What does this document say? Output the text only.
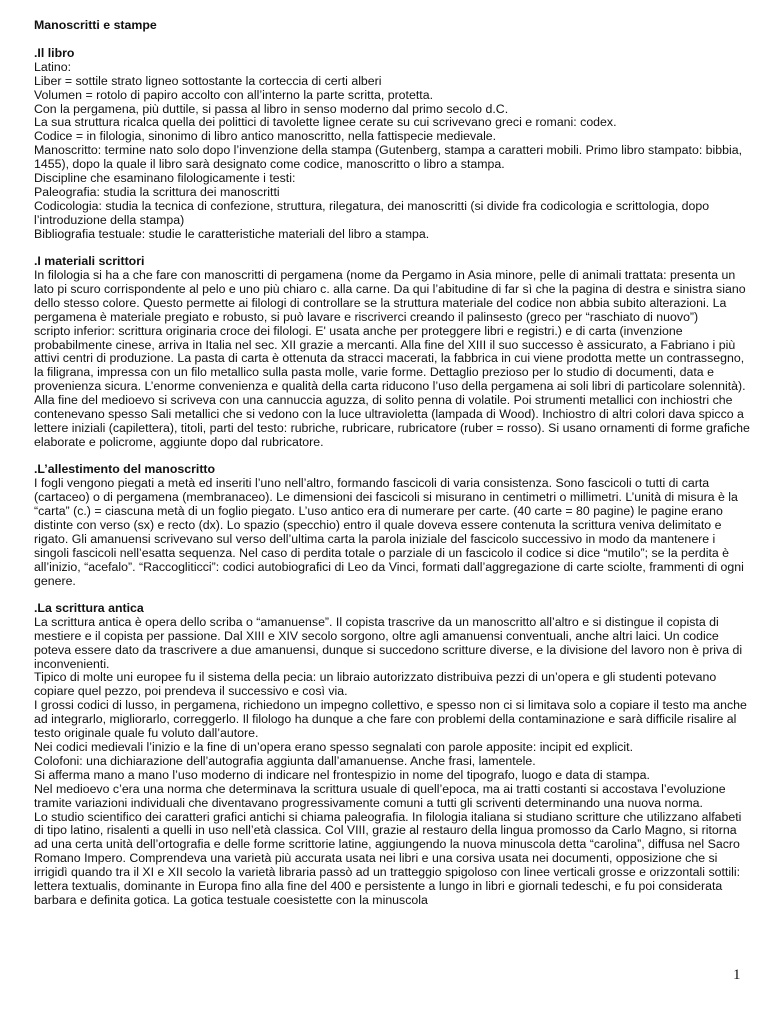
Manoscritti e stampe
.Il libro
Latino:
Liber = sottile strato ligneo sottostante la corteccia di certi alberi
Volumen = rotolo di papiro accolto con all’interno la parte scritta, protetta.
Con la pergamena, più duttile, si passa al libro in senso moderno dal primo secolo d.C.
La sua struttura ricalca quella dei polittici di tavolette lignee cerate su cui scrivevano greci e romani: codex.
Codice = in filologia, sinonimo di libro antico manoscritto, nella fattispecie medievale.
Manoscritto: termine nato solo dopo l’invenzione della stampa (Gutenberg, stampa a caratteri mobili. Primo libro stampato: bibbia, 1455), dopo la quale il libro sarà designato come codice, manoscritto o libro a stampa.
Discipline che esaminano filologicamente i testi:
Paleografia: studia la scrittura dei manoscritti
Codicologia: studia la tecnica di confezione, struttura, rilegatura, dei manoscritti (si divide fra codicologia e scrittologia, dopo l’introduzione della stampa)
Bibliografia testuale: studie le caratteristiche materiali del libro a stampa.
.I materiali scrittori
In filologia si ha a che fare con manoscritti di pergamena (nome da Pergamo in Asia minore, pelle di animali trattata: presenta un lato pi scuro corrispondente al pelo e uno più chiaro c. alla carne. Da qui l’abitudine di far sì che la pagina di destra e sinistra siano dello stesso colore. Questo permette ai filologi di controllare se la struttura materiale del codice non abbia subito alterazioni. La pergamena è materiale pregiato e robusto, si può lavare e riscriverci creando il palinsesto (greco per “raschiato di nuovo”)
scripto inferior: scrittura originaria croce dei filologi. E' usata anche per proteggere libri e registri.) e di carta (invenzione probabilmente cinese, arriva in Italia nel sec. XII grazie a mercanti. Alla fine del XIII il suo successo è assicurato, a Fabriano i più attivi centri di produzione. La pasta di carta è ottenuta da stracci macerati, la fabbrica in cui viene prodotta mette un contrassegno, la filigrana, impressa con un filo metallico sulla pasta molle, varie forme. Dettaglio prezioso per lo studio di documenti, data e provenienza sicura. L’enorme convenienza e qualità della carta riducono l’uso della pergamena ai soli libri di particolare solennità).
Alla fine del medioevo si scriveva con una cannuccia aguzza, di solito penna di volatile. Poi strumenti metallici con inchiostri che contenevano spesso Sali metallici che si vedono con la luce ultravioletta (lampada di Wood). Inchiostro di altri colori dava spicco a lettere iniziali (capilettera), titoli, parti del testo: rubriche, rubricare, rubricatore (ruber = rosso). Si usano ornamenti di forme grafiche elaborate e policrome, aggiunte dopo dal rubricatore.
.L’allestimento del manoscritto
I fogli vengono piegati a metà ed inseriti l’uno nell’altro, formando fascicoli di varia consistenza. Sono fascicoli o tutti di carta (cartaceo) o di pergamena (membranaceo). Le dimensioni dei fascicoli si misurano in centimetri o millimetri. L’unità di misura è la “carta” (c.) = ciascuna metà di un foglio piegato. L’uso antico era di numerare per carte. (40 carte = 80 pagine) le pagine erano distinte con verso (sx) e recto (dx). Lo spazio (specchio) entro il quale doveva essere contenuta la scrittura veniva delimitato e rigato. Gli amanuensi scrivevano sul verso dell’ultima carta la parola iniziale del fascicolo successivo in modo da mantenere i singoli fascicoli nell’esatta sequenza. Nel caso di perdita totale o parziale di un fascicolo il codice si dice “mutilo”; se la perdita è all’inizio, “acefalo”. “Raccogliticci”: codici autobiografici di Leo da Vinci, formati dall’aggregazione di carte sciolte, frammenti di ogni genere.
.La scrittura antica
La scrittura antica è opera dello scriba o “amanuense”. Il copista trascrive da un manoscritto all’altro e si distingue il copista di mestiere e il copista per passione. Dal XIII e XIV secolo sorgono, oltre agli amanuensi conventuali, anche altri laici. Un codice poteva essere dato da trascrivere a due amanuensi, dunque si succedono scritture diverse, e la divisione del lavoro non è priva di inconvenienti.
Tipico di molte uni europee fu il sistema della pecia: un libraio autorizzato distribuiva pezzi di un’opera e gli studenti potevano copiare quel pezzo, poi prendeva il successivo e così via.
I grossi codici di lusso, in pergamena, richiedono un impegno collettivo, e spesso non ci si limitava solo a copiare il testo ma anche ad integrarlo, migliorarlo, correggerlo. Il filologo ha dunque a che fare con problemi della contaminazione e sarà difficile risalire al testo originale quale fu voluto dall’autore.
Nei codici medievali l’inizio e la fine di un’opera erano spesso segnalati con parole apposite: incipit ed explicit.
Colofoni: una dichiarazione dell’autografia aggiunta dall’amanuense. Anche frasi, lamentele.
Si afferma mano a mano l’uso moderno di indicare nel frontespizio in nome del tipografo, luogo e data di stampa.
Nel medioevo c’era una norma che determinava la scrittura usuale di quell’epoca, ma ai tratti costanti si accostava l’evoluzione tramite variazioni individuali che diventavano progressivamente comuni a tutti gli scriventi determinando una nuova norma.
Lo studio scientifico dei caratteri grafici antichi si chiama paleografia. In filologia italiana si studiano scritture che utilizzano alfabeti di tipo latino, risalenti a quelli in uso nell’età classica. Col VIII, grazie al restauro della lingua promosso da Carlo Magno, si ritorna ad una certa unità dell’ortografia e delle forme scrittorie latine, aggiungendo la nuova minuscola detta “carolina”, diffusa nel Sacro Romano Impero. Comprendeva una varietà più accurata usata nei libri e una corsiva usata nei documenti, opposizione che si irrigidì quando tra il XI e XII secolo la varietà libraria passò ad un tratteggio spigoloso con linee verticali grosse e orizzontali sottili: lettera textualis, dominante in Europa fino alla fine del 400 e persistente a lungo in libri e giornali tedeschi, e fu poi considerata barbara e definita gotica. La gotica testuale coesistette con la minuscola
1
